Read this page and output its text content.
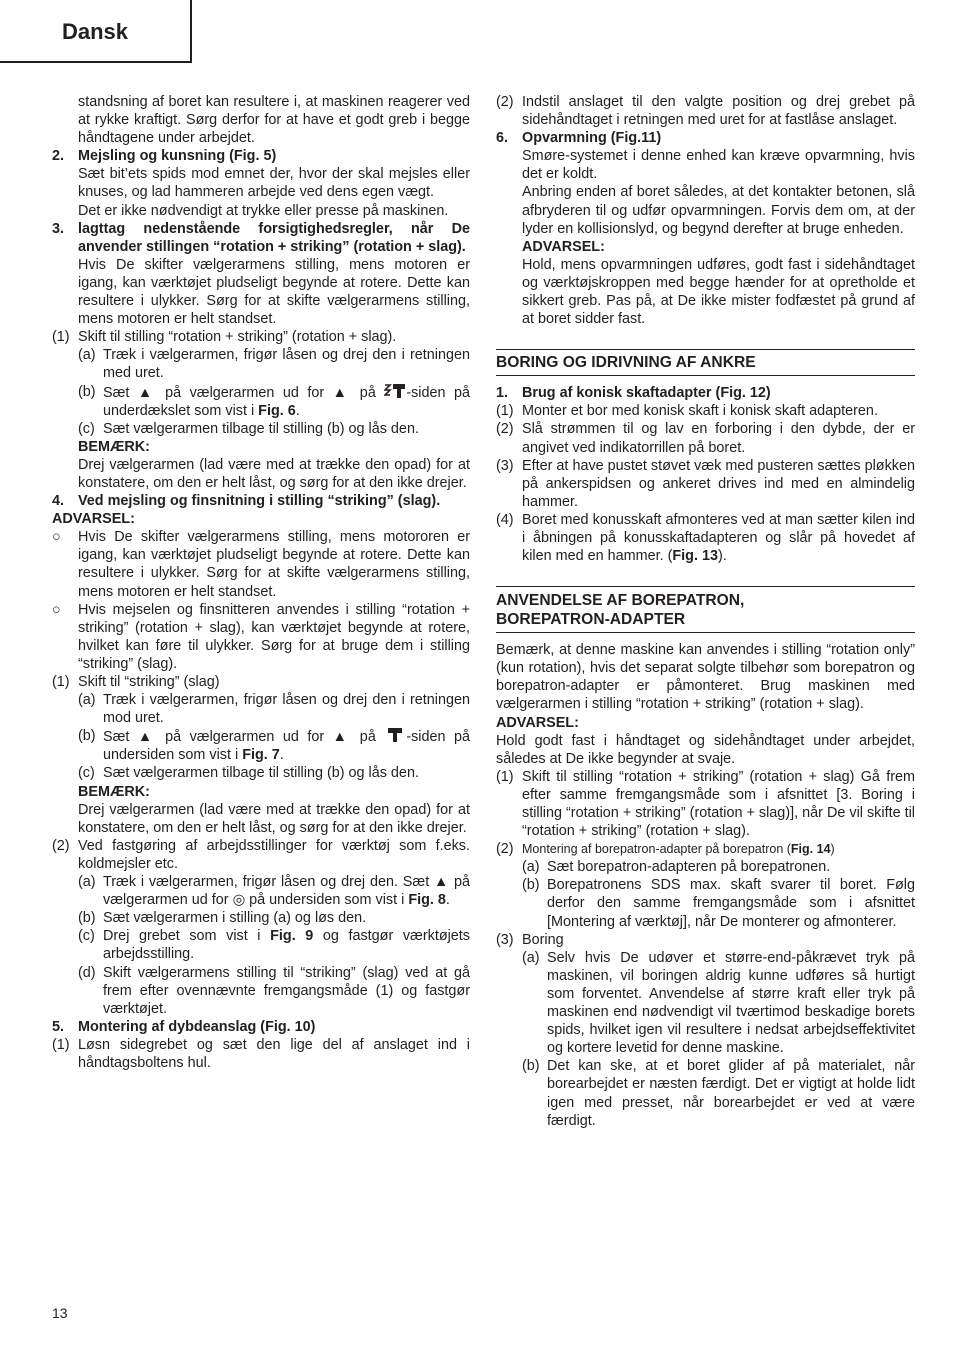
Dansk
standsning af boret kan resultere i, at maskinen reagerer ved at rykke kraftigt. Sørg derfor for at have et godt greb i begge håndtagene under arbejdet.
2. Mejsling og kunsning (Fig. 5)
Sæt bit’ets spids mod emnet der, hvor der skal mejsles eller knuses, og lad hammeren arbejde ved dens egen vægt.
Det er ikke nødvendigt at trykke eller presse på maskinen.
3. lagttag nedenstående forsigtighedsregler, når De anvender stillingen “rotation + striking” (rotation + slag).
Hvis De skifter vælgerarmens stilling, mens motoren er igang, kan værktøjet pludseligt begynde at rotere. Dette kan resultere i ulykker. Sørg for at skifte vælgerarmens stilling, mens motoren er helt standset.
(1) Skift til stilling “rotation + striking” (rotation + slag).
(a) Træk i vælgerarmen, frigør låsen og drej den i retningen med uret.
(b) Sæt ▲ på vælgerarmen ud for ▲ på -siden på underdækslet som vist i Fig. 6.
(c) Sæt vælgerarmen tilbage til stilling (b) og lås den.
BEMÆRK:
Drej vælgerarmen (lad være med at trække den opad) for at konstatere, om den er helt låst, og sørg for at den ikke drejer.
4. Ved mejsling og finsnitning i stilling “striking” (slag).
ADVARSEL:
○ Hvis De skifter vælgerarmens stilling, mens motororen er igang, kan værktøjet pludseligt begynde at rotere. Dette kan resultere i ulykker. Sørg for at skifte vælgerarmens stilling, mens motoren er helt standset.
○ Hvis mejselen og finsnitteren anvendes i stilling “rotation + striking” (rotation + slag), kan værktøjet begynde at rotere, hvilket kan føre til ulykker. Sørg for at bruge dem i stilling “striking” (slag).
(1) Skift til “striking” (slag)
(a) Træk i vælgerarmen, frigør låsen og drej den i retningen mod uret.
(b) Sæt ▲ på vælgerarmen ud for ▲ på -siden på undersiden som vist i Fig. 7.
(c) Sæt vælgerarmen tilbage til stilling (b) og lås den.
BEMÆRK:
Drej vælgerarmen (lad være med at trække den opad) for at konstatere, om den er helt låst, og sørg for at den ikke drejer.
(2) Ved fastgøring af arbejdsstillinger for værktøj som f.eks. koldmejsler etc.
(a) Træk i vælgerarmen, frigør låsen og drej den. Sæt ▲ på vælgerarmen ud for ◎ på undersiden som vist i Fig. 8.
(b) Sæt vælgerarmen i stilling (a) og løs den.
(c) Drej grebet som vist i Fig. 9 og fastgør værktøjets arbejdsstilling.
(d) Skift vælgerarmens stilling til “striking” (slag) ved at gå frem efter ovennævnte fremgangsmåde (1) og fastgør værktøjet.
5. Montering af dybdeanslag (Fig. 10)
(1) Løsn sidegrebet og sæt den lige del af anslaget ind i håndtagsboltens hul.
(2) Indstil anslaget til den valgte position og drej grebet på sidehåndtaget i retningen med uret for at fastlåse anslaget.
6. Opvarmning (Fig.11)
Smøre-systemet i denne enhed kan kræve opvarmning, hvis det er koldt.
Anbring enden af boret således, at det kontakter betonen, slå afbryderen til og udfør opvarmningen. Forvis dem om, at der lyder en kollisionslyd, og begynd derefter at bruge enheden.
ADVARSEL:
Hold, mens opvarmningen udføres, godt fast i sidehåndtaget og værktøjskroppen med begge hænder for at opretholde et sikkert greb. Pas på, at De ikke mister fodfæstet på grund af at boret sidder fast.
BORING OG IDRIVNING AF ANKRE
1. Brug af konisk skaftadapter (Fig. 12)
(1) Monter et bor med konisk skaft i konisk skaft adapteren.
(2) Slå strømmen til og lav en forboring i den dybde, der er angivet ved indikatorrillen på boret.
(3) Efter at have pustet støvet væk med pusteren sættes pløkken på ankerspidsen og ankeret drives ind med en almindelig hammer.
(4) Boret med konusskaft afmonteres ved at man sætter kilen ind i åbningen på konusskaftadapteren og slår på hovedet af kilen med en hammer. (Fig. 13).
ANVENDELSE AF BOREPATRON,
BOREPATRON-ADAPTER
Bemærk, at denne maskine kan anvendes i stilling “rotation only” (kun rotation), hvis det separat solgte tilbehør som borepatron og borepatron-adapter er påmonteret. Brug maskinen med vælgerarmen i stilling “rotation + striking” (rotation + slag).
ADVARSEL:
Hold godt fast i håndtaget og sidehåndtaget under arbejdet, således at De ikke begynder at svaje.
(1) Skift til stilling “rotation + striking” (rotation + slag) Gå frem efter samme fremgangsmåde som i afsnittet [3. Boring i stilling “rotation + striking” (rotation + slag)], når De vil skifte til “rotation + striking” (rotation + slag).
(2) Montering af borepatron-adapter på borepatron (Fig. 14)
(a) Sæt borepatron-adapteren på borepatronen.
(b) Borepatronens SDS max. skaft svarer til boret. Følg derfor den samme fremgangsmåde som i afsnittet [Montering af værktøj], når De monterer og afmonterer.
(3) Boring
(a) Selv hvis De udøver et større-end-påkrævet tryk på maskinen, vil boringen aldrig kunne udføres så hurtigt som forventet. Anvendelse af større kraft eller tryk på maskinen end nødvendigt vil tværtimod beskadige borets spids, hvilket igen vil resultere i nedsat arbejdseffektivitet og kortere levetid for denne maskine.
(b) Det kan ske, at et boret glider af på materialet, når borearbejdet er næsten færdigt. Det er vigtigt at holde lidt igen med presset, når borearbejdet er ved at være færdigt.
13
